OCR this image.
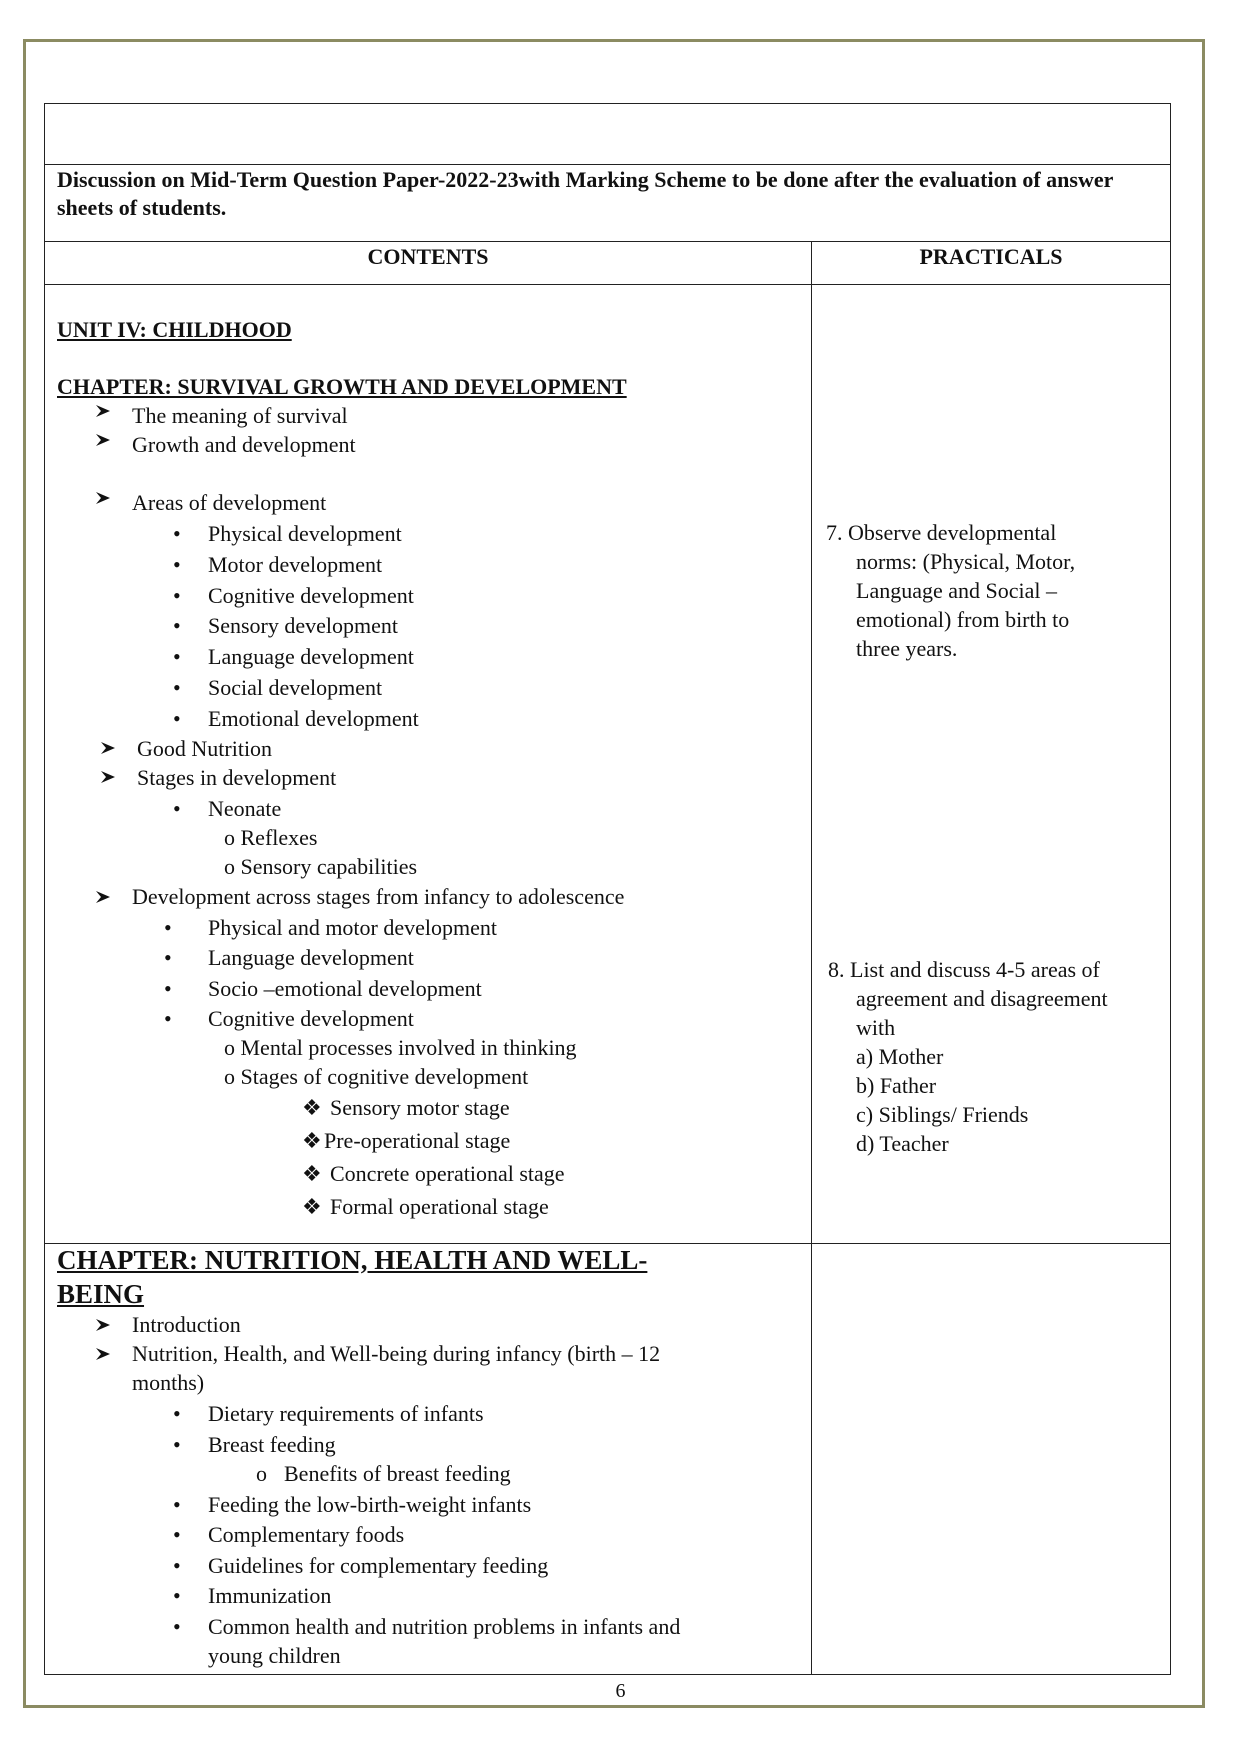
Discussion on Mid-Term Question Paper-2022-23with Marking Scheme to be done after the evaluation of answer sheets of students.
CONTENTS	PRACTICALS
UNIT IV: CHILDHOOD
CHAPTER: SURVIVAL GROWTH AND DEVELOPMENT
The meaning of survival
Growth and development
Areas of development
• Physical development
• Motor development
• Cognitive development
• Sensory development
• Language development
• Social development
• Emotional development
Good Nutrition
Stages in development
• Neonate
o Reflexes
o Sensory capabilities
Development across stages from infancy to adolescence
• Physical and motor development
• Language development
• Socio –emotional development
• Cognitive development
o Mental processes involved in thinking
o Stages of cognitive development
❖ Sensory motor stage
❖ Pre-operational stage
❖ Concrete operational stage
❖ Formal operational stage
7. Observe developmental
norms: (Physical, Motor,
Language and Social –
emotional) from birth to
three years.
8. List and discuss 4-5 areas of
agreement and disagreement
with
a) Mother
b) Father
c) Siblings/ Friends
d) Teacher
CHAPTER: NUTRITION, HEALTH AND WELL-
BEING
Introduction
Nutrition, Health, and Well-being during infancy (birth – 12
months)
• Dietary requirements of infants
• Breast feeding
o Benefits of breast feeding
• Feeding the low-birth-weight infants
• Complementary foods
• Guidelines for complementary feeding
• Immunization
• Common health and nutrition problems in infants and
young children
6
